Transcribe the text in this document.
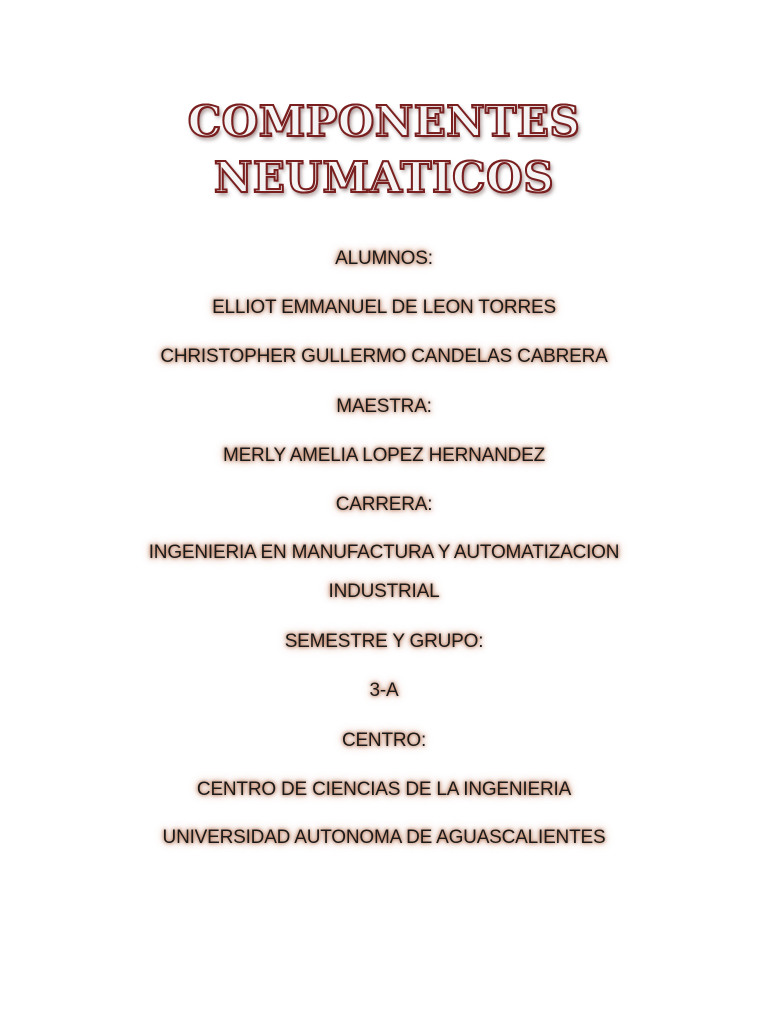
COMPONENTES
NEUMATICOS
ALUMNOS:
ELLIOT EMMANUEL DE LEON TORRES
CHRISTOPHER GULLERMO CANDELAS CABRERA
MAESTRA:
MERLY AMELIA LOPEZ HERNANDEZ
CARRERA:
INGENIERIA EN MANUFACTURA Y AUTOMATIZACION
INDUSTRIAL
SEMESTRE Y GRUPO:
3-A
CENTRO:
CENTRO DE CIENCIAS DE LA INGENIERIA
UNIVERSIDAD AUTONOMA DE AGUASCALIENTES
